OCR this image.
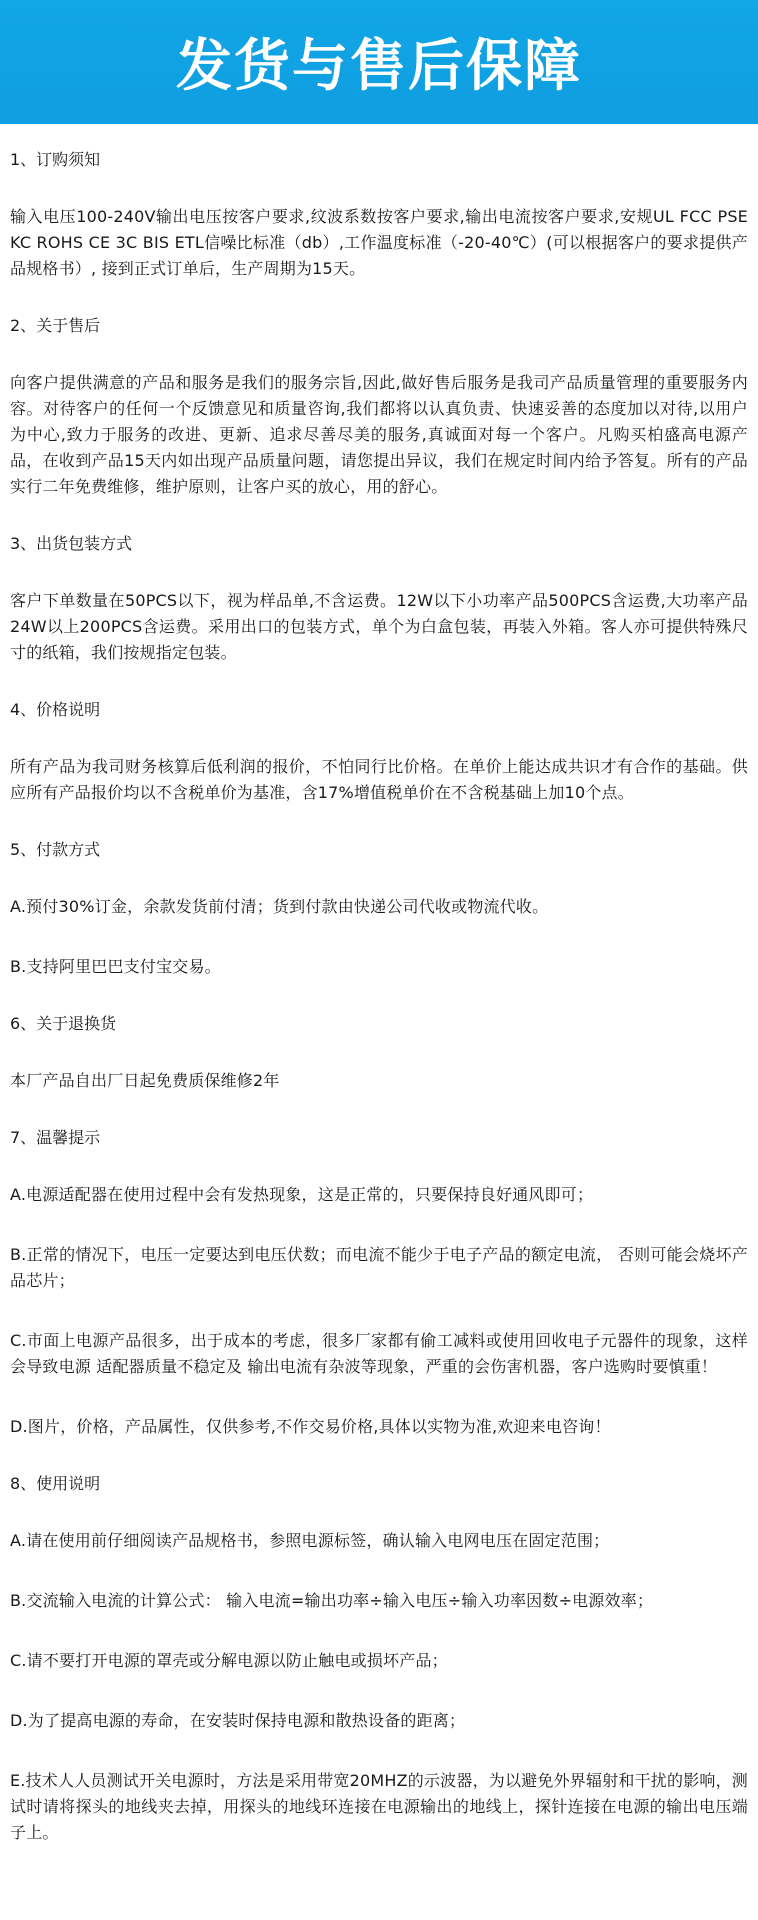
发货与售后保障

1、订购须知

输入电压100-240V输出电压按客户要求,纹波系数按客户要求,输出电流按客户要求,安规UL FCC PSE KC ROHS CE 3C BIS ETL信噪比标准（db）,工作温度标准（-20-40℃）(可以根据客户的要求提供产品规格书）, 接到正式订单后，生产周期为15天。

2、关于售后

向客户提供满意的产品和服务是我们的服务宗旨,因此,做好售后服务是我司产品质量管理的重要服务内容。对待客户的任何一个反馈意见和质量咨询,我们都将以认真负责、快速妥善的态度加以对待,以用户为中心,致力于服务的改进、更新、追求尽善尽美的服务,真诚面对每一个客户。凡购买柏盛高电源产品，在收到产品15天内如出现产品质量问题，请您提出异议，我们在规定时间内给予答复。所有的产品实行二年免费维修，维护原则，让客户买的放心，用的舒心。

3、出货包装方式

客户下单数量在50PCS以下，视为样品单,不含运费。12W以下小功率产品500PCS含运费,大功率产品24W以上200PCS含运费。采用出口的包装方式，单个为白盒包装，再装入外箱。客人亦可提供特殊尺寸的纸箱，我们按规指定包装。

4、价格说明

所有产品为我司财务核算后低利润的报价，不怕同行比价格。在单价上能达成共识才有合作的基础。供应所有产品报价均以不含税单价为基准，含17%增值税单价在不含税基础上加10个点。

5、付款方式

A.预付30%订金，余款发货前付清；货到付款由快递公司代收或物流代收。

B.支持阿里巴巴支付宝交易。

6、关于退换货

本厂产品自出厂日起免费质保维修2年

7、温馨提示

A.电源适配器在使用过程中会有发热现象，这是正常的，只要保持良好通风即可；

B.正常的情况下，电压一定要达到电压伏数；而电流不能少于电子产品的额定电流， 否则可能会烧坏产品芯片；

C.市面上电源产品很多，出于成本的考虑，很多厂家都有偷工减料或使用回收电子元器件的现象，这样会导致电源 适配器质量不稳定及 输出电流有杂波等现象，严重的会伤害机器，客户选购时要慎重！

D.图片，价格，产品属性，仅供参考,不作交易价格,具体以实物为准,欢迎来电咨询！

8、使用说明

A.请在使用前仔细阅读产品规格书，参照电源标签，确认输入电网电压在固定范围；

B.交流输入电流的计算公式： 输入电流=输出功率÷输入电压÷输入功率因数÷电源效率；

C.请不要打开电源的罩壳或分解电源以防止触电或损坏产品；

D.为了提高电源的寿命，在安装时保持电源和散热设备的距离；

E.技术人人员测试开关电源时，方法是采用带宽20MHZ的示波器，为以避免外界辐射和干扰的影响，测试时请将探头的地线夹去掉，用探头的地线环连接在电源输出的地线上，探针连接在电源的输出电压端子上。
